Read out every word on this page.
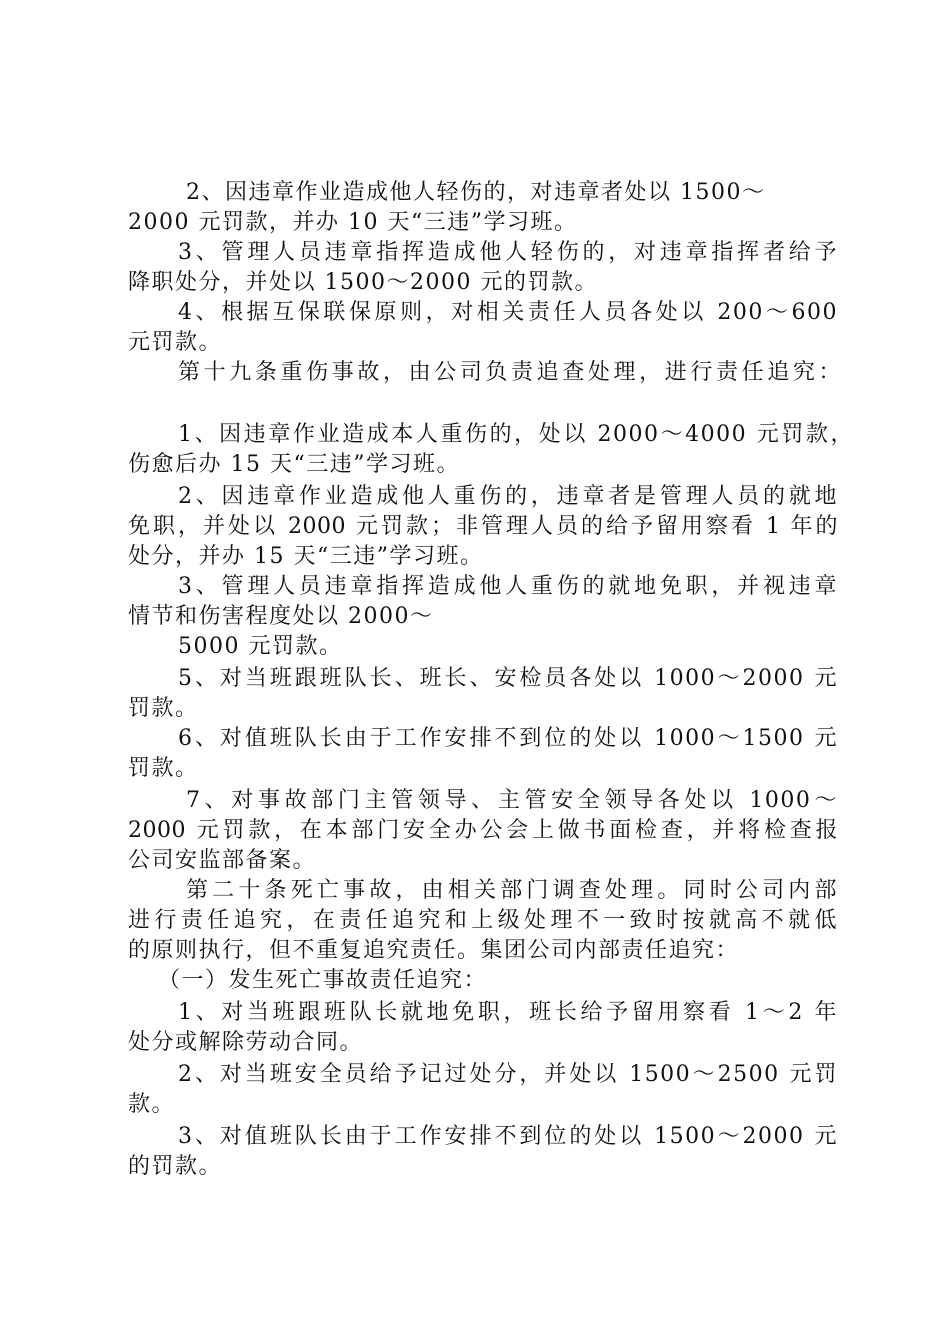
2、因违章作业造成他人轻伤的，对违章者处以 1500～
2000 元罚款，并办 10 天“三违”学习班。
3、管理人员违章指挥造成他人轻伤的，对违章指挥者给予
降职处分，并处以 1500～2000 元的罚款。
4、根据互保联保原则，对相关责任人员各处以 200～600
元罚款。
第十九条重伤事故，由公司负责追查处理，进行责任追究：
1、因违章作业造成本人重伤的，处以 2000～4000 元罚款，
伤愈后办 15 天“三违”学习班。
2、因违章作业造成他人重伤的，违章者是管理人员的就地
免职，并处以 2000 元罚款；非管理人员的给予留用察看 1 年的
处分，并办 15 天“三违”学习班。
3、管理人员违章指挥造成他人重伤的就地免职，并视违章
情节和伤害程度处以 2000～
5000 元罚款。
5、对当班跟班队长、班长、安检员各处以 1000～2000 元
罚款。
6、对值班队长由于工作安排不到位的处以 1000～1500 元
罚款。
7、对事故部门主管领导、主管安全领导各处以 1000～
2000 元罚款，在本部门安全办公会上做书面检查，并将检查报
公司安监部备案。
第二十条死亡事故，由相关部门调查处理。同时公司内部
进行责任追究，在责任追究和上级处理不一致时按就高不就低
的原则执行，但不重复追究责任。集团公司内部责任追究：
（一）发生死亡事故责任追究：
1、对当班跟班队长就地免职，班长给予留用察看 1～2 年
处分或解除劳动合同。
2、对当班安全员给予记过处分，并处以 1500～2500 元罚
款。
3、对值班队长由于工作安排不到位的处以 1500～2000 元
的罚款。
